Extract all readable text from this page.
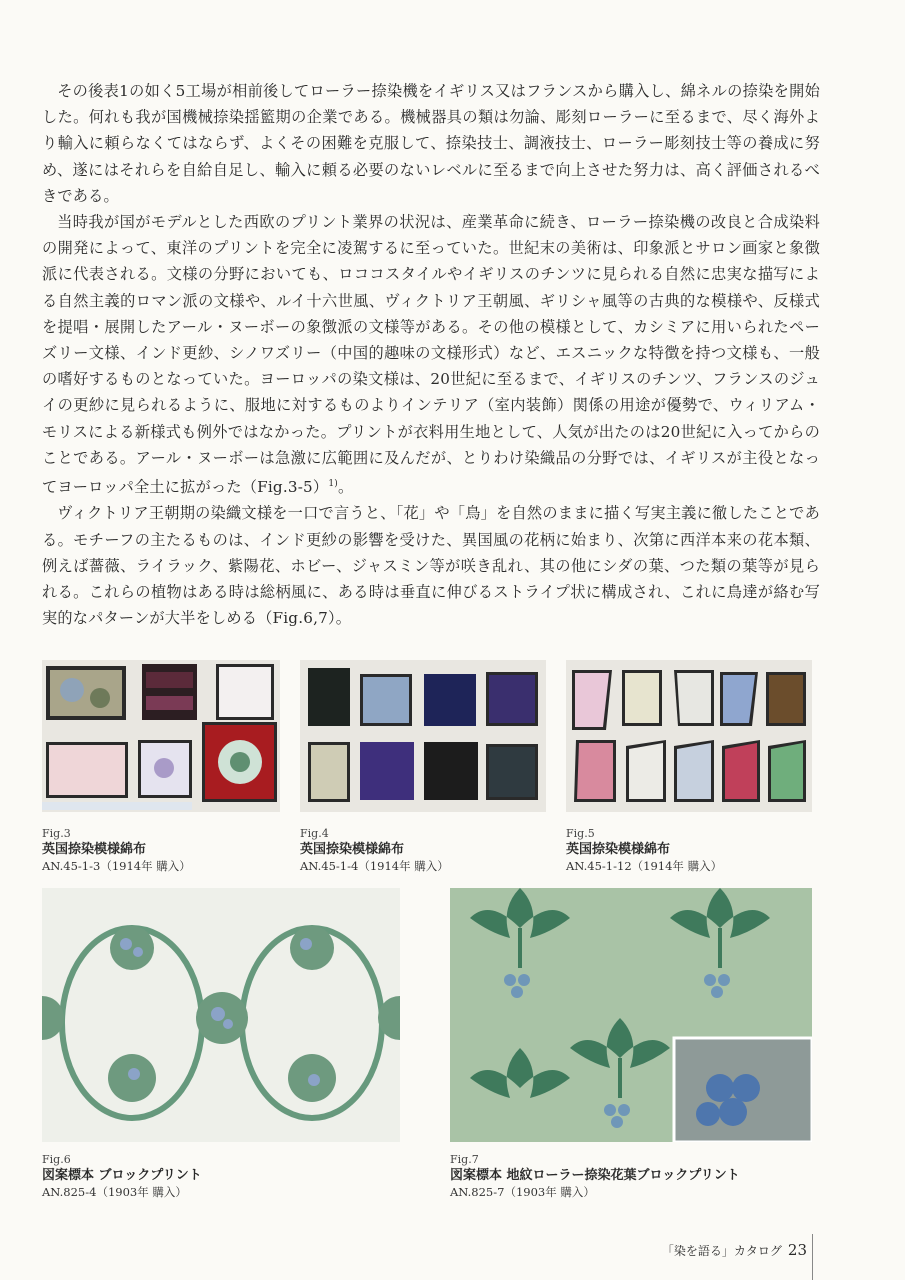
その後表1の如く5工場が相前後してローラー捺染機をイギリス又はフランスから購入し、綿ネルの捺染を開始した。何れも我が国機械捺染揺籃期の企業である。機械器具の類は勿論、彫刻ローラーに至るまで、尽く海外より輸入に頼らなくてはならず、よくその困難を克服して、捺染技士、調液技士、ローラー彫刻技士等の養成に努め、遂にはそれらを自給自足し、輸入に頼る必要のないレベルに至るまで向上させた努力は、高く評価されるべきである。

当時我が国がモデルとした西欧のプリント業界の状況は、産業革命に続き、ローラー捺染機の改良と合成染料の開発によって、東洋のプリントを完全に凌駕するに至っていた。世紀末の美術は、印象派とサロン画家と象徴派に代表される。文様の分野においても、ロココスタイルやイギリスのチンツに見られる自然に忠実な描写による自然主義的ロマン派の文様や、ルイ十六世風、ヴィクトリア王朝風、ギリシャ風等の古典的な模様や、反様式を提唱・展開したアール・ヌーボーの象徴派の文様等がある。その他の模様として、カシミアに用いられたペーズリー文様、インド更紗、シノワズリー（中国的趣味の文様形式）など、エスニックな特徴を持つ文様も、一般の嗜好するものとなっていた。ヨーロッパの染文様は、20世紀に至るまで、イギリスのチンツ、フランスのジュイの更紗に見られるように、服地に対するものよりインテリア（室内装飾）関係の用途が優勢で、ウィリアム・モリスによる新様式も例外ではなかった。プリントが衣料用生地として、人気が出たのは20世紀に入ってからのことである。アール・ヌーボーは急激に広範囲に及んだが、とりわけ染織品の分野では、イギリスが主役となってヨーロッパ全土に拡がった$(Fig.3-5)^{1)}$。

ヴィクトリア王朝期の染織文様を一口で言うと、「花」や「鳥」を自然のままに描く写実主義に徹したことである。モチーフの主たるものは、インド更紗の影響を受けた、異国風の花柄に始まり、次第に西洋本来の花本類、例えば薔薇、ライラック、紫陽花、ホビー、ジャスミン等が咲き乱れ、其の他にシダの葉、つた類の葉等が見られる。これらの植物はある時は総柄風に、ある時は垂直に伸びるストライプ状に構成され、これに鳥達が絡む写実的なパターンが大半をしめる（Fig.6,7）。

Fig.3
英国捺染模様綿布
AN.45-1-3（1914年 購入）
Fig.4
英国捺染模様綿布
AN.45-1-4（1914年 購入）
Fig.5
英国捺染模様綿布
AN.45-1-12（1914年 購入）
Fig.6
図案標本 ブロックプリント
AN.825-4（1903年 購入）
Fig.7
図案標本 地紋ローラー捺染花葉ブロックプリント
AN.825-7（1903年 購入）
「染を語る」カタログ 23
